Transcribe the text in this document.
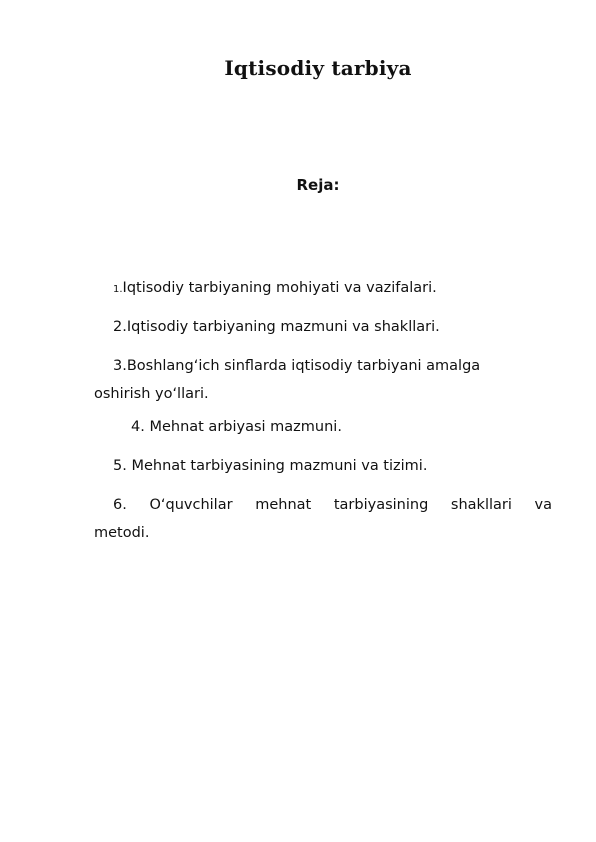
Iqtisodiy tarbiya
Reja:
1.Iqtisodiy tarbiyaning mohiyati va vazifalari.
2.Iqtisodiy tarbiyaning mazmuni va shakllari.
3.Boshlang‘ich sinflarda iqtisodiy tarbiyani amalga
oshirish yo‘llari.
4. Mehnat arbiyasi mazmuni.
5. Mehnat tarbiyasining mazmuni va tizimi.
6. O‘quvchilar mehnat tarbiyasining shakllari va
metodi.
